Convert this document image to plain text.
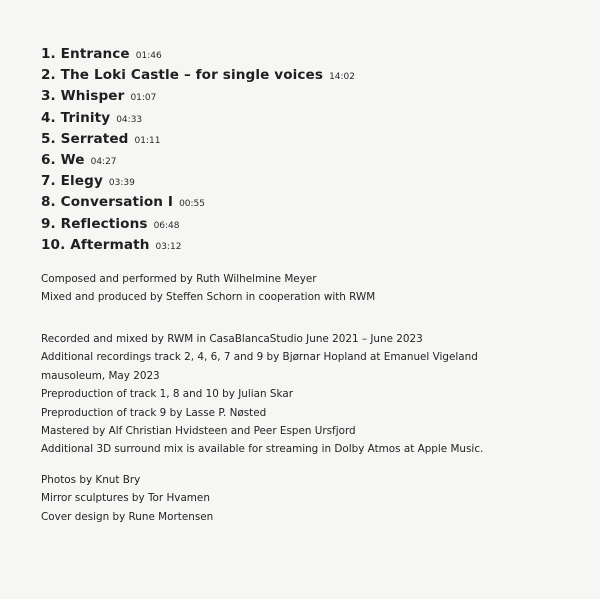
1. Entrance 01:46
2. The Loki Castle – for single voices 14:02
3. Whisper 01:07
4. Trinity 04:33
5. Serrated 01:11
6. We 04:27
7. Elegy 03:39
8. Conversation I 00:55
9. Reflections 06:48
10. Aftermath 03:12
Composed and performed by Ruth Wilhelmine Meyer
Mixed and produced by Steffen Schorn in cooperation with RWM
Recorded and mixed by RWM in CasaBlancaStudio June 2021 – June 2023
Additional recordings track 2, 4, 6, 7 and 9 by Bjørnar Hopland at Emanuel Vigeland
mausoleum, May 2023
Preproduction of track 1, 8 and 10 by Julian Skar
Preproduction of track 9 by Lasse P. Nøsted
Mastered by Alf Christian Hvidsteen and Peer Espen Ursfjord
Additional 3D surround mix is available for streaming in Dolby Atmos at Apple Music.
Photos by Knut Bry
Mirror sculptures by Tor Hvamen
Cover design by Rune Mortensen
